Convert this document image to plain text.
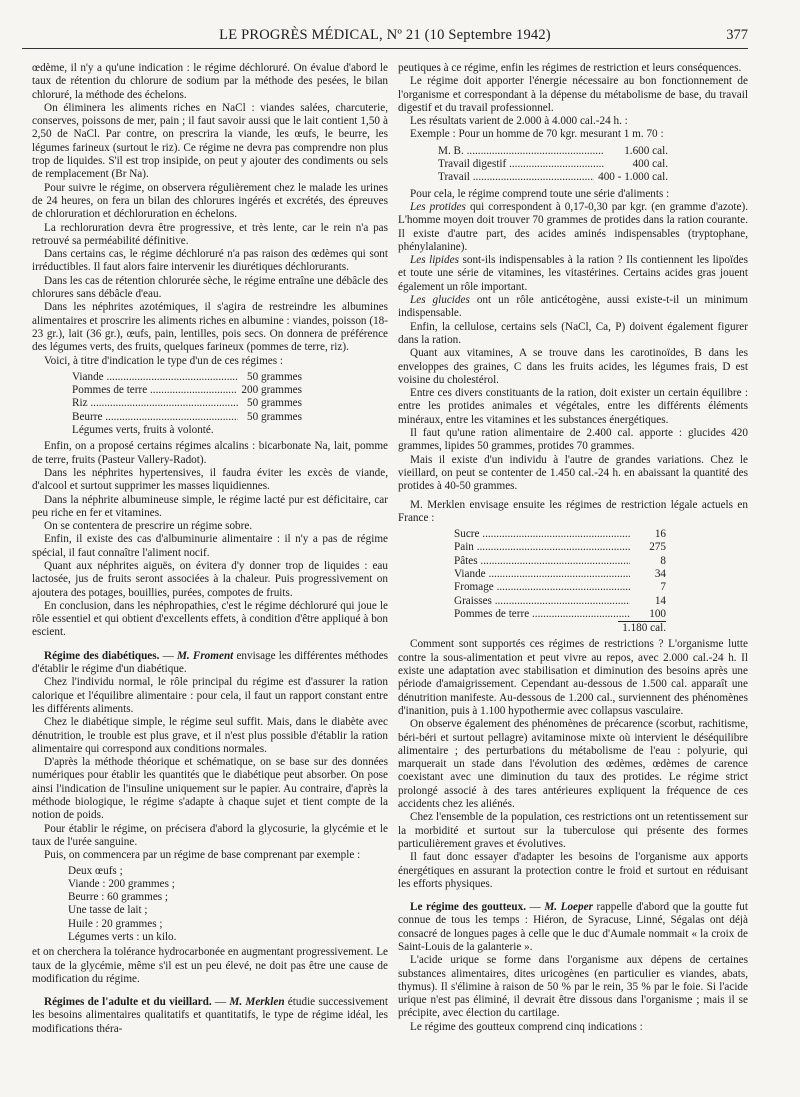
LE PROGRÈS MÉDICAL, Nº 21 (10 Septembre 1942)	377

œdème, il n'y a qu'une indication : le régime déchloruré. On évalue d'abord le taux de rétention du chlorure de sodium par la méthode des pesées, le bilan chloruré, la méthode des échelons.

On éliminera les aliments riches en NaCl : viandes salées, charcuterie, conserves, poissons de mer, pain ; il faut savoir aussi que le lait contient 1,50 à 2,50 de NaCl. Par contre, on prescrira la viande, les œufs, le beurre, les légumes farineux (surtout le riz). Ce régime ne devra pas comprendre non plus trop de liquides. S'il est trop insipide, on peut y ajouter des condiments ou sels de remplacement (Br Na).

Pour suivre le régime, on observera régulièrement chez le malade les urines de 24 heures, on fera un bilan des chlorures ingérés et excrétés, des épreuves de chloruration et déchloruration en échelons.

La rechloruration devra être progressive, et très lente, car le rein n'a pas retrouvé sa perméabilité définitive.

Dans certains cas, le régime déchloruré n'a pas raison des œdèmes qui sont irréductibles. Il faut alors faire intervenir les diurétiques déchlorurants.

Dans les cas de rétention chlorurée sèche, le régime entraîne une débâcle des chlorures sans débâcle d'eau.

Dans les néphrites azotémiques, il s'agira de restreindre les albumines alimentaires et proscrire les aliments riches en albumine : viandes, poisson (18-23 gr.), lait (36 gr.), œufs, pain, lentilles, pois secs. On donnera de préférence des légumes verts, des fruits, quelques farineux (pommes de terre, riz).

Voici, à titre d'indication le type d'un de ces régimes :

Viande .....	50 grammes
Pommes de terre .....	200 grammes
Riz .....	50 grammes
Beurre .....	50 grammes
Légumes verts, fruits à volonté.

Enfin, on a proposé certains régimes alcalins : bicarbonate Na, lait, pomme de terre, fruits (Pasteur Vallery-Radot).

Dans les néphrites hypertensives, il faudra éviter les excès de viande, d'alcool et surtout supprimer les masses liquidiennes.

Dans la néphrite albumineuse simple, le régime lacté pur est déficitaire, car peu riche en fer et vitamines.

On se contentera de prescrire un régime sobre.

Enfin, il existe des cas d'albuminurie alimentaire : il n'y a pas de régime spécial, il faut connaître l'aliment nocif.

Quant aux néphrites aiguës, on évitera d'y donner trop de liquides : eau lactosée, jus de fruits seront associées à la chaleur. Puis progressivement on ajoutera des potages, bouillies, purées, compotes de fruits.

En conclusion, dans les néphropathies, c'est le régime déchloruré qui joue le rôle essentiel et qui obtient d'excellents effets, à condition d'être appliqué à bon escient.

Régime des diabétiques. — M. Froment envisage les différentes méthodes d'établir le régime d'un diabétique.

Chez l'individu normal, le rôle principal du régime est d'assurer la ration calorique et l'équilibre alimentaire : pour cela, il faut un rapport constant entre les différents aliments.

Chez le diabétique simple, le régime seul suffit. Mais, dans le diabète avec dénutrition, le trouble est plus grave, et il n'est plus possible d'établir la ration alimentaire qui correspond aux conditions normales.

D'après la méthode théorique et schématique, on se base sur des données numériques pour établir les quantités que le diabétique peut absorber. On pose ainsi l'indication de l'insuline uniquement sur le papier. Au contraire, d'après la méthode biologique, le régime s'adapte à chaque sujet et tient compte de la notion de poids.

Pour établir le régime, on précisera d'abord la glycosurie, la glycémie et le taux de l'urée sanguine.

Puis, on commencera par un régime de base comprenant par exemple :

Deux œufs ;
Viande : 200 grammes ;
Beurre : 60 grammes ;
Une tasse de lait ;
Huile : 20 grammes ;
Légumes verts : un kilo.

et on cherchera la tolérance hydrocarbonée en augmentant progressivement. Le taux de la glycémie, même s'il est un peu élevé, ne doit pas être une cause de modification du régime.

Régimes de l'adulte et du vieillard. — M. Merklen étudie successivement les besoins alimentaires qualitatifs et quantitatifs, le type de régime idéal, les modifications théra-

peutiques à ce régime, enfin les régimes de restriction et leurs conséquences.

Le régime doit apporter l'énergie nécessaire au bon fonctionnement de l'organisme et correspondant à la dépense du métabolisme de base, du travail digestif et du travail professionnel.

Les résultats varient de 2.000 à 4.000 cal.-24 h. :

Exemple : Pour un homme de 70 kgr. mesurant 1 m. 70 :

M. B. .....	1.600 cal.
Travail digestif .....	400 cal.
Travail .....	400 - 1.000 cal.

Pour cela, le régime comprend toute une série d'aliments :

Les protides qui correspondent à 0,17-0,30 par kgr. (en gramme d'azote). L'homme moyen doit trouver 70 grammes de protides dans la ration courante. Il existe d'autre part, des acides aminés indispensables (tryptophane, phénylalanine).

Les lipides sont-ils indispensables à la ration ? Ils contiennent les lipoïdes et toute une série de vitamines, les vitastérines. Certains acides gras jouent également un rôle important.

Les glucides ont un rôle anticétogène, aussi existe-t-il un minimum indispensable.

Enfin, la cellulose, certains sels (NaCl, Ca, P) doivent également figurer dans la ration.

Quant aux vitamines, A se trouve dans les carotinoïdes, B dans les enveloppes des graines, C dans les fruits acides, les légumes frais, D est voisine du cholestérol.

Entre ces divers constituants de la ration, doit exister un certain équilibre : entre les protides animales et végétales, entre les différents éléments minéraux, entre les vitamines et les substances énergétiques.

Il faut qu'une ration alimentaire de 2.400 cal. apporte : glucides 420 grammes, lipides 50 grammes, protides 70 grammes.

Mais il existe d'un individu à l'autre de grandes variations. Chez le vieillard, on peut se contenter de 1.450 cal.-24 h. en abaissant la quantité des protides à 40-50 grammes.

M. Merklen envisage ensuite les régimes de restriction légale actuels en France :

Sucre .....	16
Pain .....	275
Pâtes .....	8
Viande .....	34
Fromage .....	7
Graisses .....	14
Pommes de terre .....	100
1.180 cal.

Comment sont supportés ces régimes de restrictions ? L'organisme lutte contre la sous-alimentation et peut vivre au repos, avec 2.000 cal.-24 h. Il existe une adaptation avec stabilisation et diminution des besoins après une période d'amaigrissement. Cependant au-dessous de 1.500 cal. apparaît une dénutrition manifeste. Au-dessous de 1.200 cal., surviennent des phénomènes d'inanition, puis à 1.100 hypothermie avec collapsus vasculaire.

On observe également des phénomènes de précarence (scorbut, rachitisme, béri-béri et surtout pellagre) avitaminose mixte où intervient le déséquilibre alimentaire ; des perturbations du métabolisme de l'eau : polyurie, qui marquerait un stade dans l'évolution des œdèmes, œdèmes de carence coexistant avec une diminution du taux des protides. Le régime strict prolongé associé à des tares antérieures expliquent la fréquence de ces accidents chez les aliénés.

Chez l'ensemble de la population, ces restrictions ont un retentissement sur la morbidité et surtout sur la tuberculose qui présente des formes particulièrement graves et évolutives.

Il faut donc essayer d'adapter les besoins de l'organisme aux apports énergétiques en assurant la protection contre le froid et surtout en réduisant les efforts physiques.

Le régime des goutteux. — M. Loeper rappelle d'abord que la goutte fut connue de tous les temps : Hiéron, de Syracuse, Linné, Ségalas ont déjà consacré de longues pages à celle que le duc d'Aumale nommait « la croix de Saint-Louis de la galanterie ».

L'acide urique se forme dans l'organisme aux dépens de certaines substances alimentaires, dites uricogènes (en particulier es viandes, abats, thymus). Il s'élimine à raison de 50 % par le rein, 35 % par le foie. Si l'acide urique n'est pas éliminé, il devrait être dissous dans l'organisme ; mais il se précipite, avec élection du cartilage.

Le régime des goutteux comprend cinq indications :
